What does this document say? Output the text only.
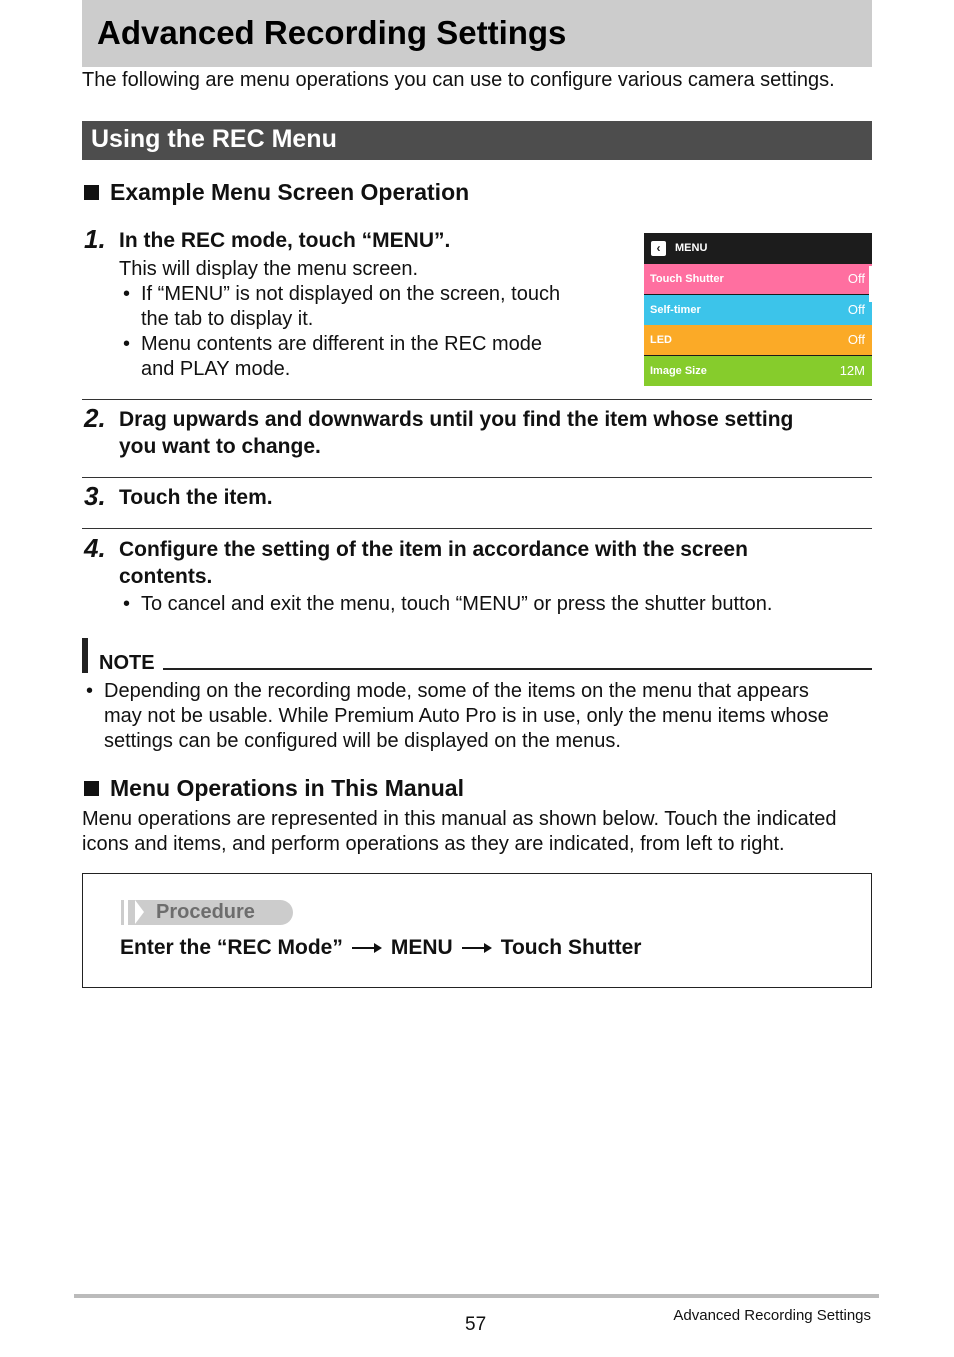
Advanced Recording Settings
The following are menu operations you can use to configure various camera settings.
Using the REC Menu
Example Menu Screen Operation
1. In the REC mode, touch “MENU”.
This will display the menu screen.
• If “MENU” is not displayed on the screen, touch
the tab to display it.
• Menu contents are different in the REC mode
and PLAY mode.
‹	MENU
Touch Shutter	Off
Self-timer	Off
LED	Off
Image Size	12M
2. Drag upwards and downwards until you find the item whose setting
you want to change.
3. Touch the item.
4. Configure the setting of the item in accordance with the screen
contents.
• To cancel and exit the menu, touch “MENU” or press the shutter button.
NOTE
• Depending on the recording mode, some of the items on the menu that appears
may not be usable. While Premium Auto Pro is in use, only the menu items whose
settings can be configured will be displayed on the menus.
Menu Operations in This Manual
Menu operations are represented in this manual as shown below. Touch the indicated
icons and items, and perform operations as they are indicated, from left to right.
Procedure
Enter the “REC Mode” MENU Touch Shutter
57	Advanced Recording Settings
